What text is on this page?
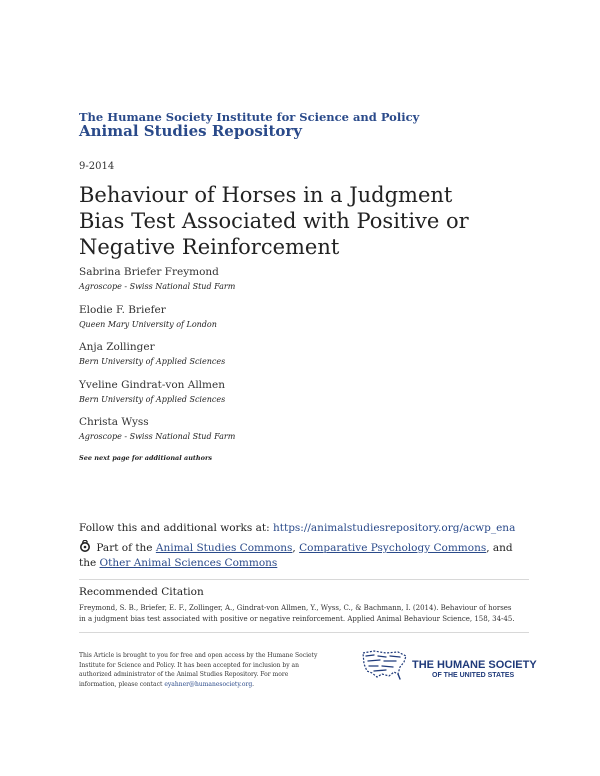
The Humane Society Institute for Science and Policy
Animal Studies Repository
9-2014
Behaviour of Horses in a Judgment Bias Test Associated with Positive or Negative Reinforcement
Sabrina Briefer Freymond
Agroscope - Swiss National Stud Farm
Elodie F. Briefer
Queen Mary University of London
Anja Zollinger
Bern University of Applied Sciences
Yveline Gindrat-von Allmen
Bern University of Applied Sciences
Christa Wyss
Agroscope - Swiss National Stud Farm
See next page for additional authors
Follow this and additional works at: https://animalstudiesrepository.org/acwp_ena
Part of the Animal Studies Commons, Comparative Psychology Commons, and the Other Animal Sciences Commons
Recommended Citation
Freymond, S. B., Briefer, E. F., Zollinger, A., Gindrat-von Allmen, Y., Wyss, C., & Bachmann, I. (2014). Behaviour of horses in a judgment bias test associated with positive or negative reinforcement. Applied Animal Behaviour Science, 158, 34-45.
This Article is brought to you for free and open access by the Humane Society Institute for Science and Policy. It has been accepted for inclusion by an authorized administrator of the Animal Studies Repository. For more information, please contact eyahner@humanesociety.org.
THE HUMANE SOCIETY
OF THE UNITED STATES
